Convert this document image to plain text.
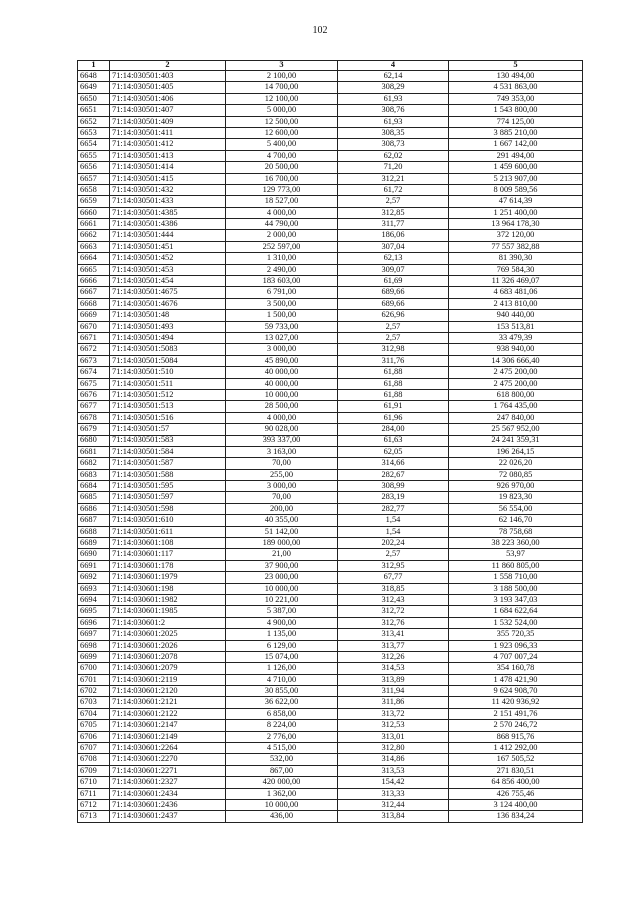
102
1	2	3	4	5
6648	71:14:030501:403	2 100,00	62,14	130 494,00
6649	71:14:030501:405	14 700,00	308,29	4 531 863,00
6650	71:14:030501:406	12 100,00	61,93	749 353,00
6651	71:14:030501:407	5 000,00	308,76	1 543 800,00
6652	71:14:030501:409	12 500,00	61,93	774 125,00
6653	71:14:030501:411	12 600,00	308,35	3 885 210,00
6654	71:14:030501:412	5 400,00	308,73	1 667 142,00
6655	71:14:030501:413	4 700,00	62,02	291 494,00
6656	71:14:030501:414	20 500,00	71,20	1 459 600,00
6657	71:14:030501:415	16 700,00	312,21	5 213 907,00
6658	71:14:030501:432	129 773,00	61,72	8 009 589,56
6659	71:14:030501:433	18 527,00	2,57	47 614,39
6660	71:14:030501:4385	4 000,00	312,85	1 251 400,00
6661	71:14:030501:4386	44 790,00	311,77	13 964 178,30
6662	71:14:030501:444	2 000,00	186,06	372 120,00
6663	71:14:030501:451	252 597,00	307,04	77 557 382,88
6664	71:14:030501:452	1 310,00	62,13	81 390,30
6665	71:14:030501:453	2 490,00	309,07	769 584,30
6666	71:14:030501:454	183 603,00	61,69	11 326 469,07
6667	71:14:030501:4675	6 791,00	689,66	4 683 481,06
6668	71:14:030501:4676	3 500,00	689,66	2 413 810,00
6669	71:14:030501:48	1 500,00	626,96	940 440,00
6670	71:14:030501:493	59 733,00	2,57	153 513,81
6671	71:14:030501:494	13 027,00	2,57	33 479,39
6672	71:14:030501:5083	3 000,00	312,98	938 940,00
6673	71:14:030501:5084	45 890,00	311,76	14 306 666,40
6674	71:14:030501:510	40 000,00	61,88	2 475 200,00
6675	71:14:030501:511	40 000,00	61,88	2 475 200,00
6676	71:14:030501:512	10 000,00	61,88	618 800,00
6677	71:14:030501:513	28 500,00	61,91	1 764 435,00
6678	71:14:030501:516	4 000,00	61,96	247 840,00
6679	71:14:030501:57	90 028,00	284,00	25 567 952,00
6680	71:14:030501:583	393 337,00	61,63	24 241 359,31
6681	71:14:030501:584	3 163,00	62,05	196 264,15
6682	71:14:030501:587	70,00	314,66	22 026,20
6683	71:14:030501:588	255,00	282,67	72 080,85
6684	71:14:030501:595	3 000,00	308,99	926 970,00
6685	71:14:030501:597	70,00	283,19	19 823,30
6686	71:14:030501:598	200,00	282,77	56 554,00
6687	71:14:030501:610	40 355,00	1,54	62 146,70
6688	71:14:030501:611	51 142,00	1,54	78 758,68
6689	71:14:030601:108	189 000,00	202,24	38 223 360,00
6690	71:14:030601:117	21,00	2,57	53,97
6691	71:14:030601:178	37 900,00	312,95	11 860 805,00
6692	71:14:030601:1979	23 000,00	67,77	1 558 710,00
6693	71:14:030601:198	10 000,00	318,85	3 188 500,00
6694	71:14:030601:1982	10 221,00	312,43	3 193 347,03
6695	71:14:030601:1985	5 387,00	312,72	1 684 622,64
6696	71:14:030601:2	4 900,00	312,76	1 532 524,00
6697	71:14:030601:2025	1 135,00	313,41	355 720,35
6698	71:14:030601:2026	6 129,00	313,77	1 923 096,33
6699	71:14:030601:2078	15 074,00	312,26	4 707 007,24
6700	71:14:030601:2079	1 126,00	314,53	354 160,78
6701	71:14:030601:2119	4 710,00	313,89	1 478 421,90
6702	71:14:030601:2120	30 855,00	311,94	9 624 908,70
6703	71:14:030601:2121	36 622,00	311,86	11 420 936,92
6704	71:14:030601:2122	6 858,00	313,72	2 151 491,76
6705	71:14:030601:2147	8 224,00	312,53	2 570 246,72
6706	71:14:030601:2149	2 776,00	313,01	868 915,76
6707	71:14:030601:2264	4 515,00	312,80	1 412 292,00
6708	71:14:030601:2270	532,00	314,86	167 505,52
6709	71:14:030601:2271	867,00	313,53	271 830,51
6710	71:14:030601:2327	420 000,00	154,42	64 856 400,00
6711	71:14:030601:2434	1 362,00	313,33	426 755,46
6712	71:14:030601:2436	10 000,00	312,44	3 124 400,00
6713	71:14:030601:2437	436,00	313,84	136 834,24
